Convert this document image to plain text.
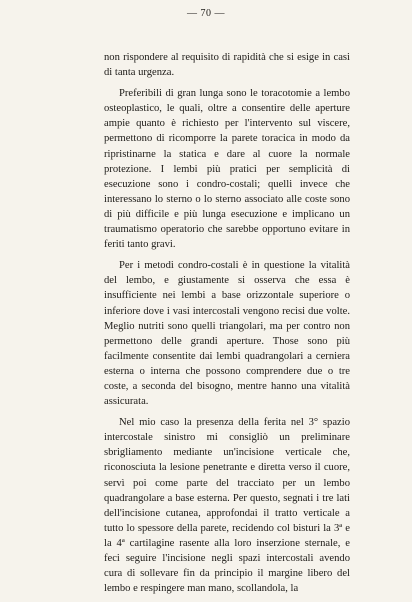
— 70 —

non risponderе al requisito di rapidità che si esige in casi di tanta urgenza.

Preferibili di gran lunga sono le toracotomie a lembo osteoplastico, le quali, oltre a consentire delle aperture ampie quanto è richiesto per l'intervento sul viscere, permettono di ricomporre la parete toracica in modo da ripristinarne la statica e dare al cuore la normale protezione. I lembi più pratici per semplicità di esecuzione sono i condro-costali; quelli invece che interessano lo sterno o lo sterno associato alle coste sono di più difficile e più lunga esecuzione e implicano un traumatismo operatorio che sarebbe opportuno evitare in feriti tanto gravi.

Per i metodi condro-costali è in questione la vitalità del lembo, e giustamente si osserva che essa è insufficiente nei lembi a base orizzontale superiore o inferiore dove i vasi intercostali vengono recisi due volte. Meglio nutriti sono quelli triangolari, ma per contro non permettono delle grandi aperture. Those sono più facilmente consentite dai lembi quadrangolari a cerniera esterna o interna che possono comprendere due o tre coste, a seconda del bisogno, mentre hanno una vitalità assicurata.

Nel mio caso la presenza della ferita nel 3° spazio intercostale sinistro mi consigliò un preliminare sbrigliamento mediante un'incisione verticale che, riconosciuta la lesione penetrante e diretta verso il cuore, servì poi come parte del tracciato per un lembo quadrangolare a base esterna. Per questo, segnati i tre lati dell'incisione cutanea, approfondai il tratto verticale a tutto lo spessore della parete, recidendo col bisturi la 3ª e la 4ª cartilagine rasente alla loro inserzione sternale, e feci seguire l'incisione negli spazi intercostali avendo cura di sollevare fin da principio il margine libero del lembo e respingere man mano, scollandola, la
